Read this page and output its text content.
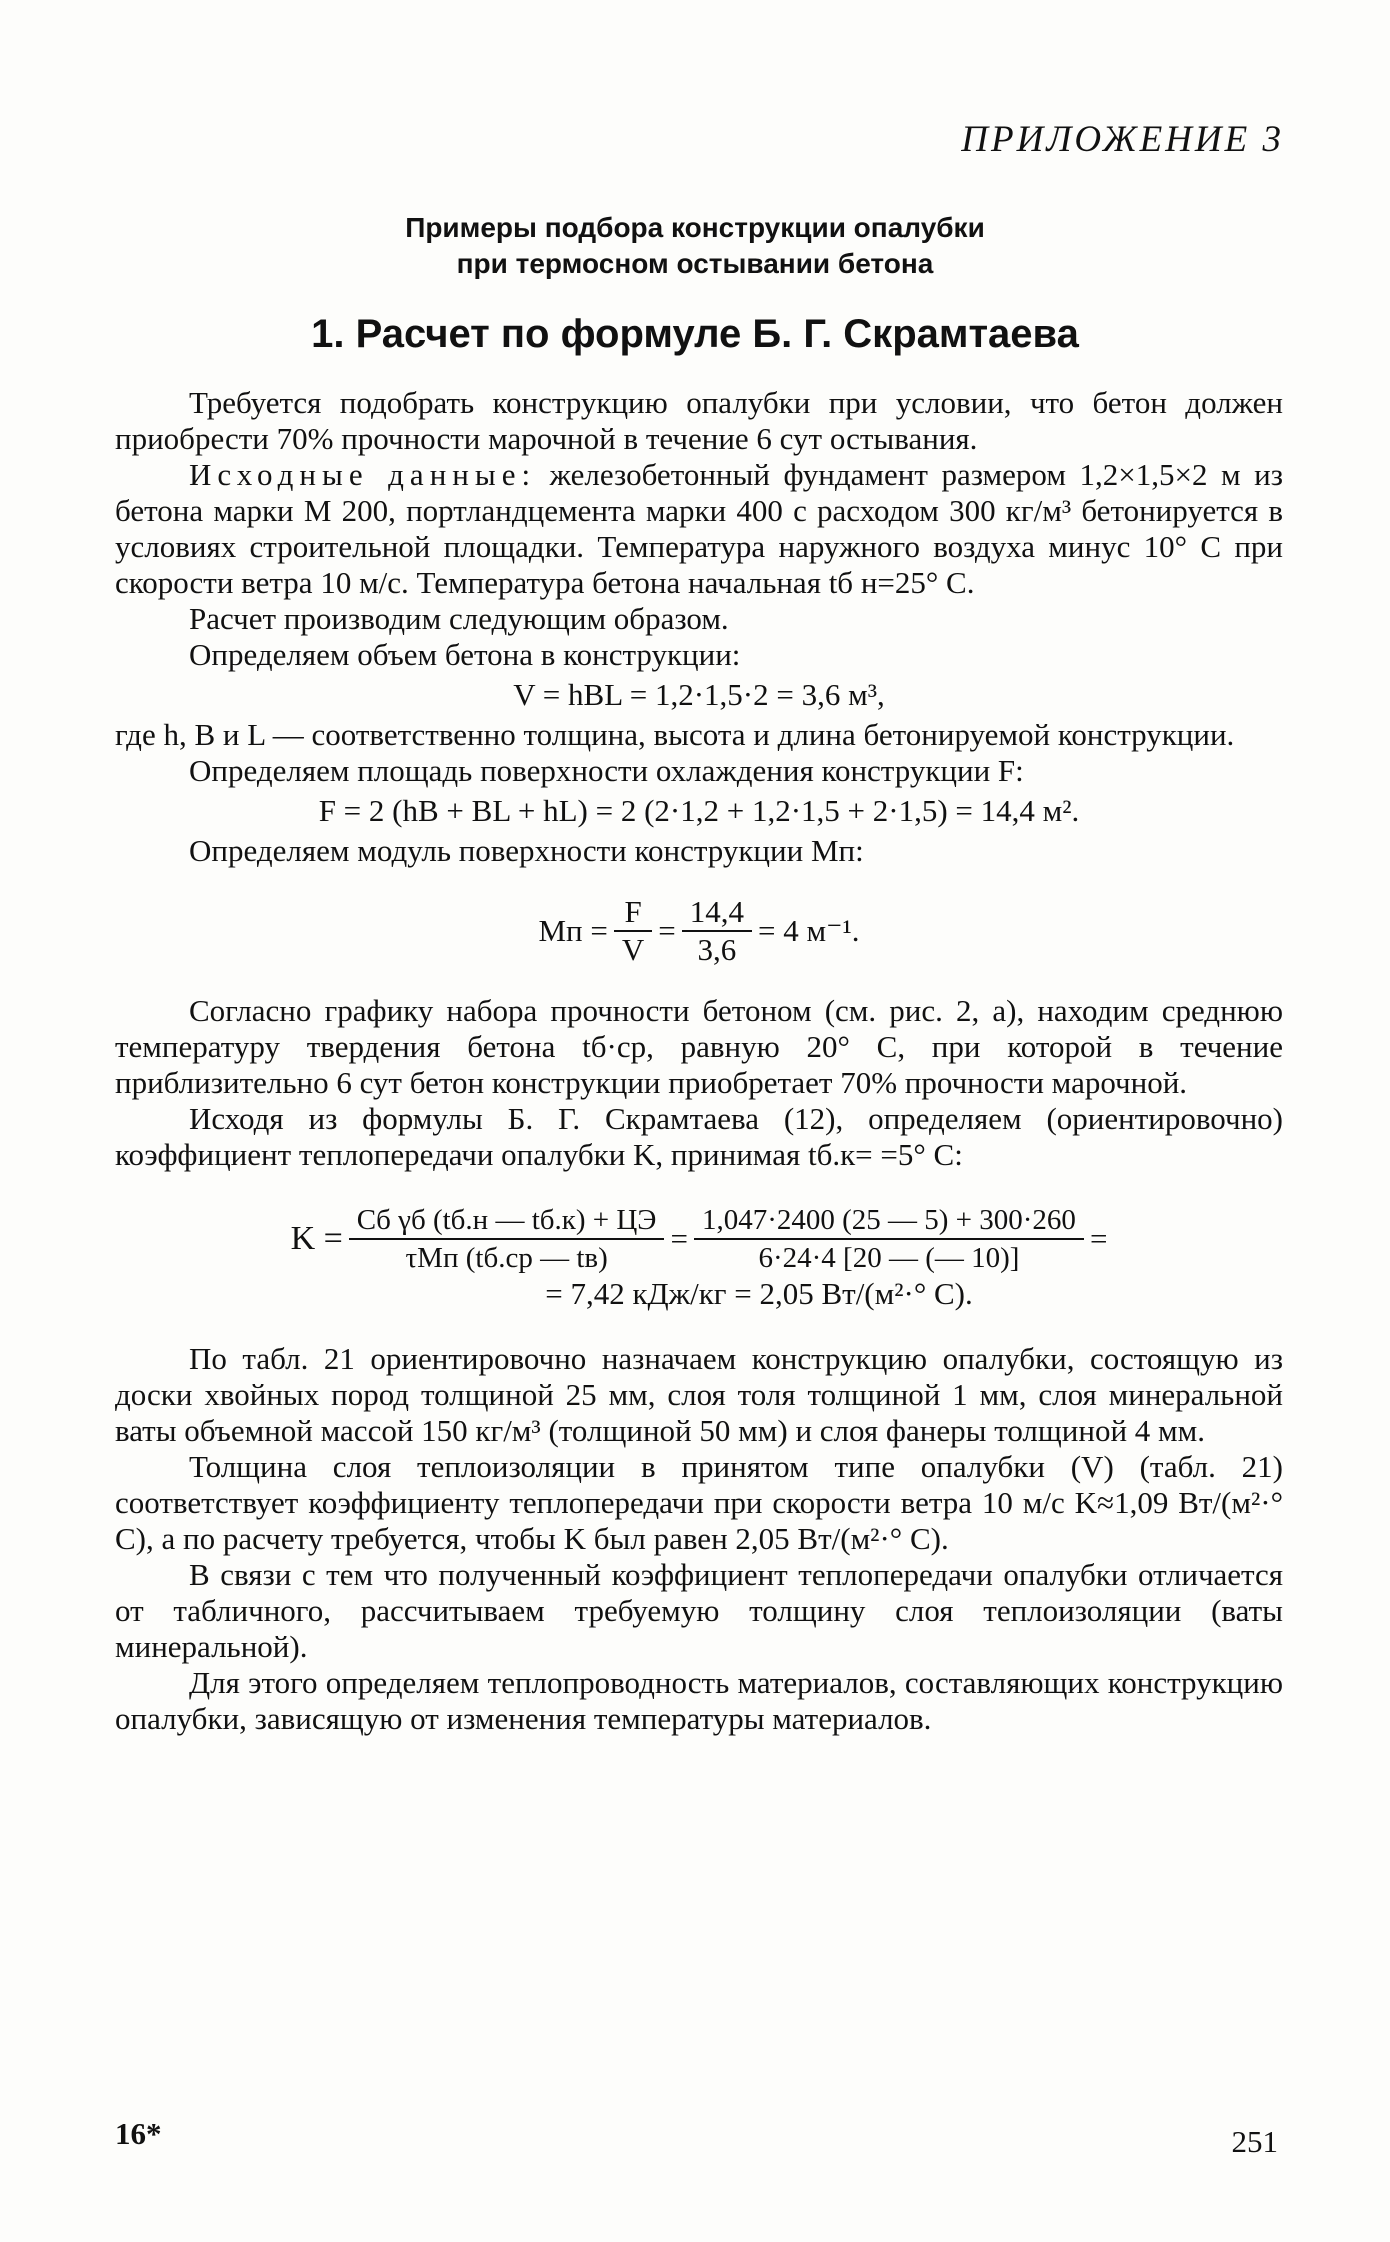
ПРИЛОЖЕНИЕ 3
Примеры подбора конструкции опалубки
при термосном остывании бетона
1. Расчет по формуле Б. Г. Скрамтаева

Требуется подобрать конструкцию опалубки при условии, что бетон должен приобрести 70% прочности марочной в течение 6 сут остывания.

Исходные данные: железобетонный фундамент размером 1,2×1,5×2 м из бетона марки М 200, портландцемента марки 400 с расходом 300 кг/м³ бетонируется в условиях строительной площадки. Температура наружного воздуха минус 10° С при скорости ветра 10 м/с. Температура бетона начальная tб н=25° С.

Расчет производим следующим образом.

Определяем объем бетона в конструкции:

V = hBL = 1,2·1,5·2 = 3,6 м³,

где h, B и L — соответственно толщина, высота и длина бетонируемой конструкции.

Определяем площадь поверхности охлаждения конструкции F:

F = 2 (hB + BL + hL) = 2 (2·1,2 + 1,2·1,5 + 2·1,5) = 14,4 м².

Определяем модуль поверхности конструкции Mп:

Mп = $\frac{F}{V} = \frac{14,4}{3,6} = 4$ м⁻¹.

Согласно графику набора прочности бетоном (см. рис. 2, а), находим среднюю температуру твердения бетона tб·ср, равную 20° С, при которой в течение приблизительно 6 сут бетон конструкции приобретает 70% прочности марочной.

Исходя из формулы Б. Г. Скрамтаева (12), определяем (ориентировочно) коэффициент теплопередачи опалубки K, принимая tб.к= =5° С:

$K = \frac{\text{Cб γб (tб.н — tб.к) + ЦЭ}}{\text{τMп (tб.ср — tв)}} = \frac{1,047\cdot 2400 (25 — 5) + 300\cdot 260}{6\cdot 24\cdot 4 [20 — (— 10)]}$ =
= 7,42 кДж/кг = 2,05 Вт/(м²·° С).

По табл. 21 ориентировочно назначаем конструкцию опалубки, состоящую из доски хвойных пород толщиной 25 мм, слоя толя толщиной 1 мм, слоя минеральной ваты объемной массой 150 кг/м³ (толщиной 50 мм) и слоя фанеры толщиной 4 мм.

Толщина слоя теплоизоляции в принятом типе опалубки (V) (табл. 21) соответствует коэффициенту теплопередачи при скорости ветра 10 м/с K≈1,09 Вт/(м²·° С), а по расчету требуется, чтобы K был равен 2,05 Вт/(м²·° С).

В связи с тем что полученный коэффициент теплопередачи опалубки отличается от табличного, рассчитываем требуемую толщину слоя теплоизоляции (ваты минеральной).

Для этого определяем теплопроводность материалов, составляющих конструкцию опалубки, зависящую от изменения температуры материалов.

16*	251
